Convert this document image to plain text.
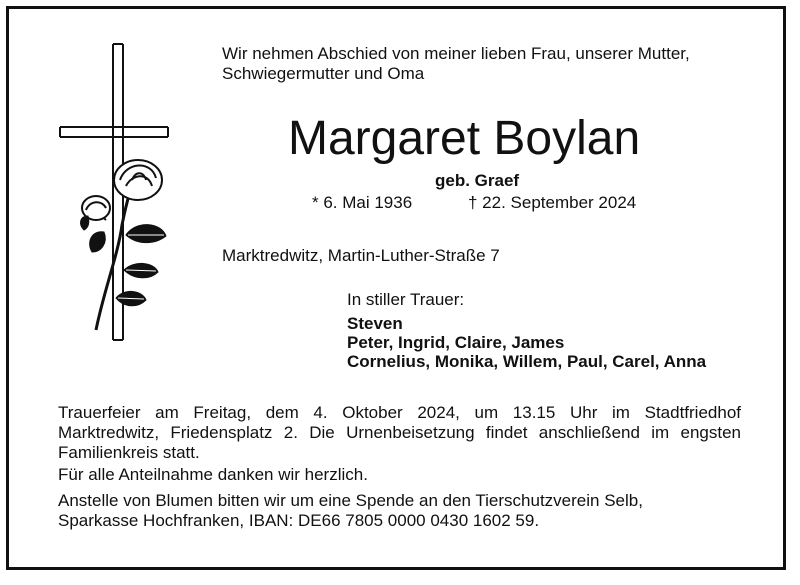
Wir nehmen Abschied von meiner lieben Frau, unserer Mutter,
Schwiegermutter und Oma
Margaret Boylan
geb. Graef
* 6. Mai 1936	† 22. September 2024
Marktredwitz, Martin-Luther-Straße 7
In stiller Trauer:
Steven
Peter, Ingrid, Claire, James
Cornelius, Monika, Willem, Paul, Carel, Anna
Trauerfeier am Freitag, dem 4. Oktober 2024, um 13.15 Uhr im Stadtfriedhof
Marktredwitz, Friedensplatz 2. Die Urnenbeisetzung findet anschließend im engsten
Familienkreis statt.
Für alle Anteilnahme danken wir herzlich.
Anstelle von Blumen bitten wir um eine Spende an den Tierschutzverein Selb,
Sparkasse Hochfranken, IBAN: DE66 7805 0000 0430 1602 59.
